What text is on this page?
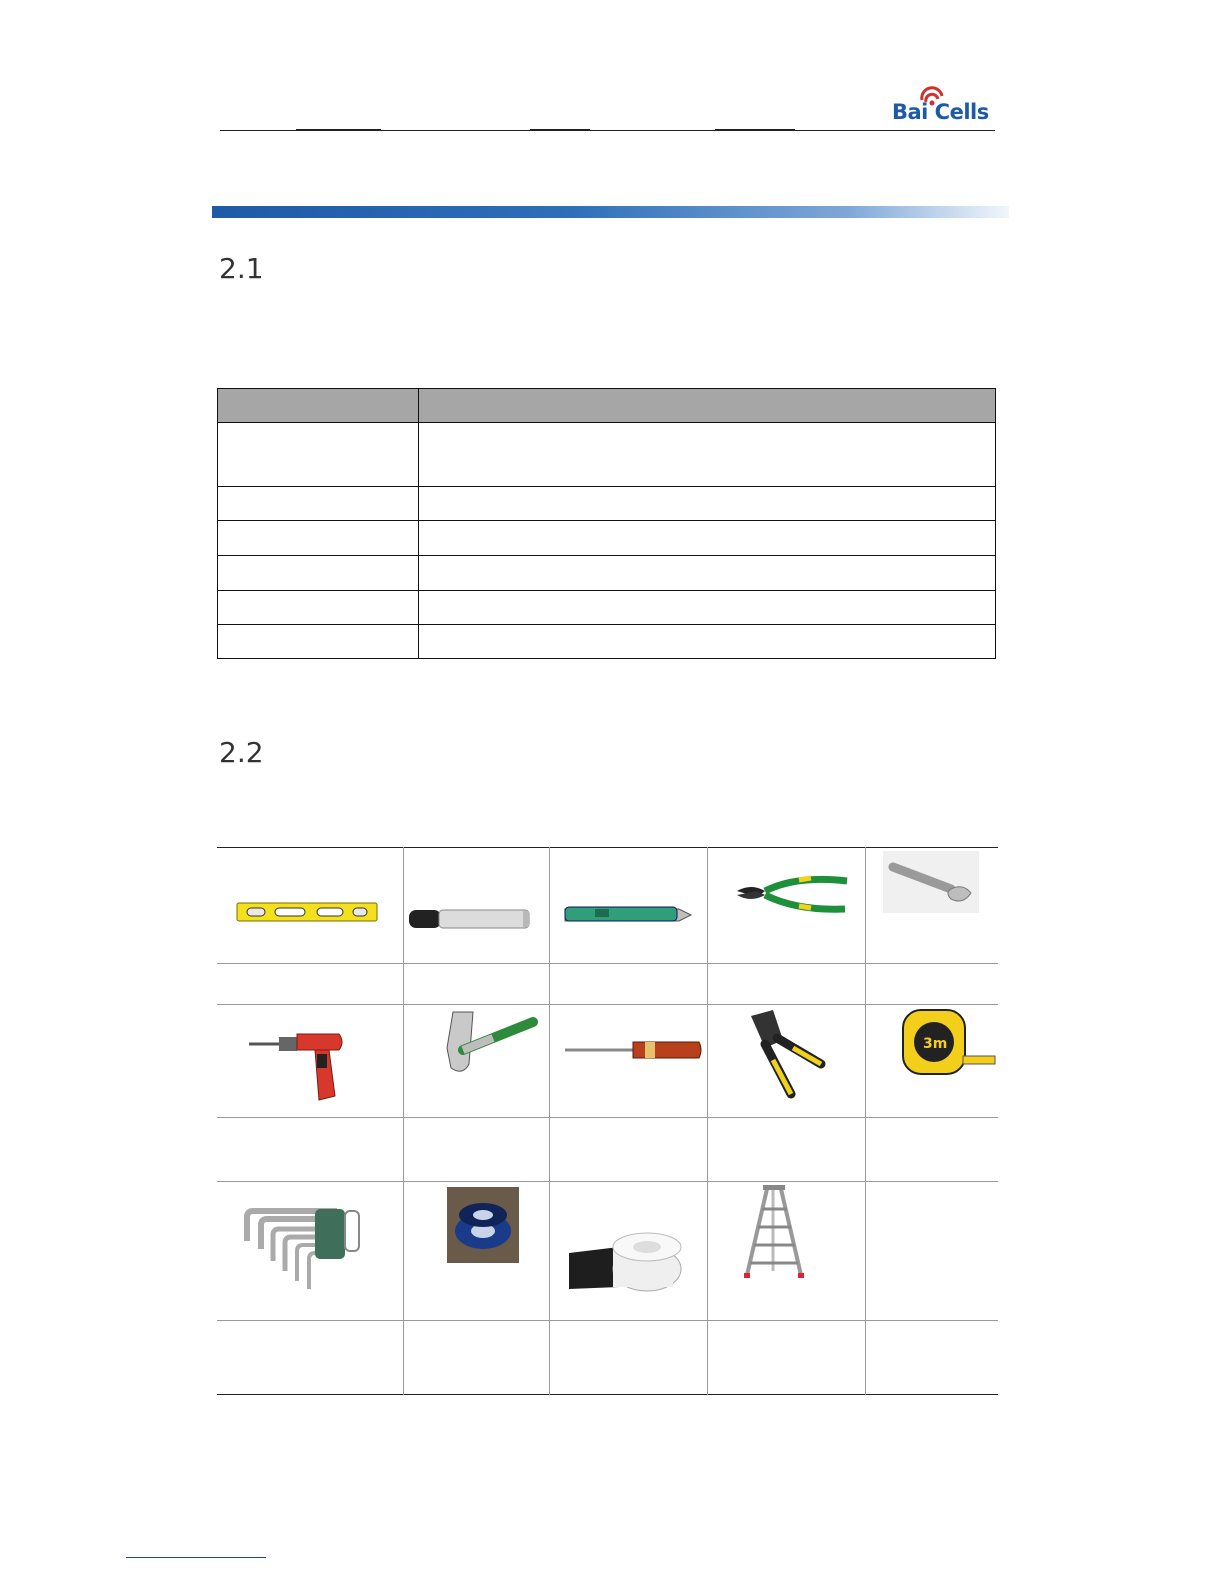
Bai Cells
2.1

2.2
3m
